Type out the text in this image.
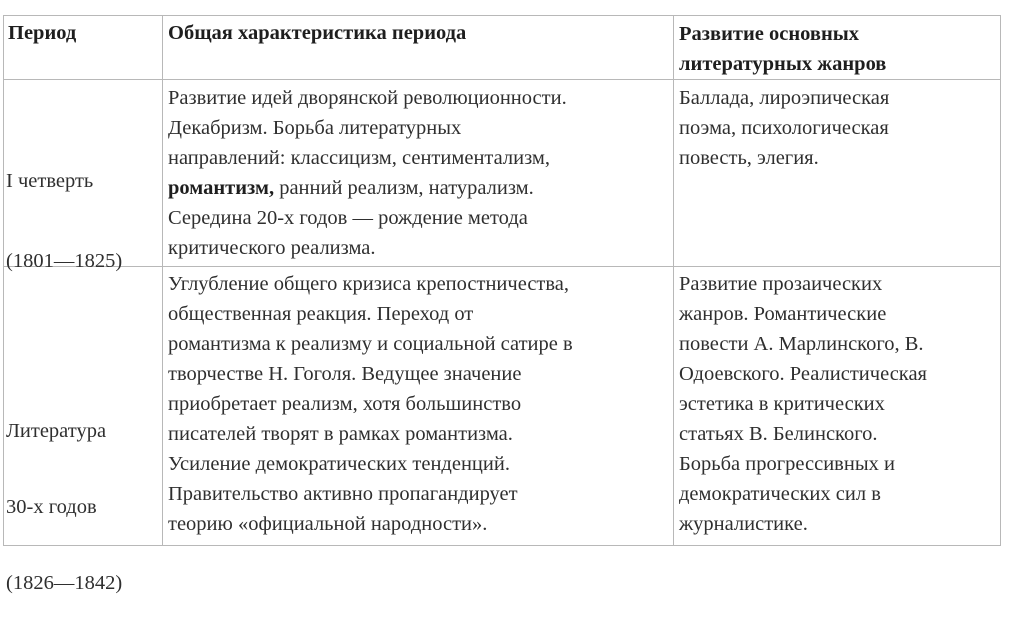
Период	Общая характеристика периода	Развитие основных
литературных жанров

I четверть

(1801—1825)

Развитие идей дворянской революционности.
Декабризм. Борьба литературных
направлений: классицизм, сентиментализм,
романтизм, ранний реализм, натурализм.
Середина 20-х годов — рождение метода
критического реализма.
Баллада, лироэпическая
поэма, психологическая
повесть, элегия.

Литература

30-х годов

(1826—1842)

Углубление общего кризиса крепостничества,
общественная реакция. Переход от
романтизма к реализму и социальной сатире в
творчестве Н. Гоголя. Ведущее значение
приобретает реализм, хотя большинство
писателей творят в рамках романтизма.
Усиление демократических тенденций.
Правительство активно пропагандирует
теорию «официальной народности».
Развитие прозаических
жанров. Романтические
повести А. Марлинского, В.
Одоевского. Реалистическая
эстетика в критических
статьях В. Белинского.
Борьба прогрессивных и
демократических сил в
журналистике.
